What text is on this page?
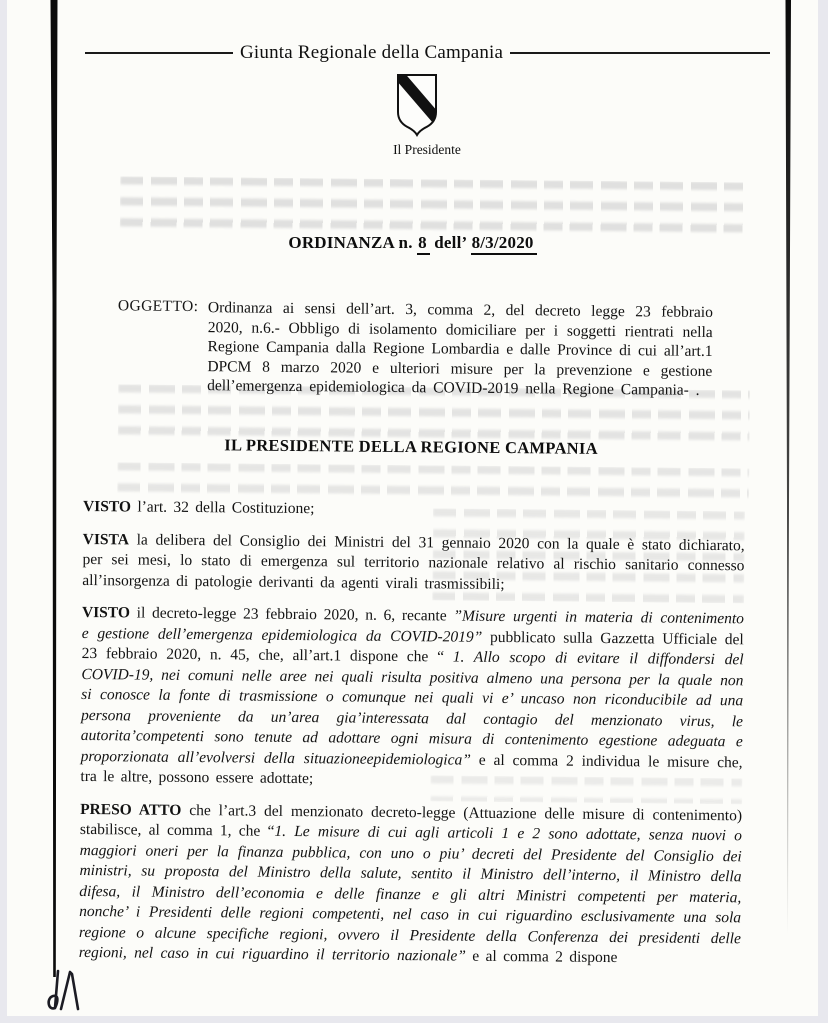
Giunta Regionale della Campania
Il Presidente
ORDINANZA n. 8 dell’ 8/3/2020
OGGETTO: Ordinanza ai sensi dell’art. 3, comma 2, del decreto legge 23 febbraio 2020, n.6.- Obbligo di isolamento domiciliare per i soggetti rientrati nella Regione Campania dalla Regione Lombardia e dalle Province di cui all’art.1 DPCM 8 marzo 2020 e ulteriori misure per la prevenzione e gestione dell’emergenza epidemiologica da COVID-2019 nella Regione Campania- .
IL PRESIDENTE DELLA REGIONE CAMPANIA

VISTO l’art. 32 della Costituzione;

VISTA la delibera del Consiglio dei Ministri del 31 gennaio 2020 con la quale è stato dichiarato, per sei mesi, lo stato di emergenza sul territorio nazionale relativo al rischio sanitario connesso all’insorgenza di patologie derivanti da agenti virali trasmissibili;

VISTO il decreto-legge 23 febbraio 2020, n. 6, recante ”Misure urgenti in materia di contenimento e gestione dell’emergenza epidemiologica da COVID-2019” pubblicato sulla Gazzetta Ufficiale del 23 febbraio 2020, n. 45, che, all’art.1 dispone che “ 1. Allo scopo di evitare il diffondersi del COVID-19, nei comuni nelle aree nei quali risulta positiva almeno una persona per la quale non si conosce la fonte di trasmissione o comunque nei quali vi e’ uncaso non riconducibile ad una persona proveniente da un’area gia’interessata dal contagio del menzionato virus, le autorita’competenti sono tenute ad adottare ogni misura di contenimento egestione adeguata e proporzionata all’evolversi della situazioneepidemiologica” e al comma 2 individua le misure che, tra le altre, possono essere adottate;

PRESO ATTO che l’art.3 del menzionato decreto-legge (Attuazione delle misure di contenimento) stabilisce, al comma 1, che “1. Le misure di cui agli articoli 1 e 2 sono adottate, senza nuovi o maggiori oneri per la finanza pubblica, con uno o piu’ decreti del Presidente del Consiglio dei ministri, su proposta del Ministro della salute, sentito il Ministro dell’interno, il Ministro della difesa, il Ministro dell’economia e delle finanze e gli altri Ministri competenti per materia, nonche’ i Presidenti delle regioni competenti, nel caso in cui riguardino esclusivamente una sola regione o alcune specifiche regioni, ovvero il Presidente della Conferenza dei presidenti delle regioni, nel caso in cui riguardino il territorio nazionale” e al comma 2 dispone
